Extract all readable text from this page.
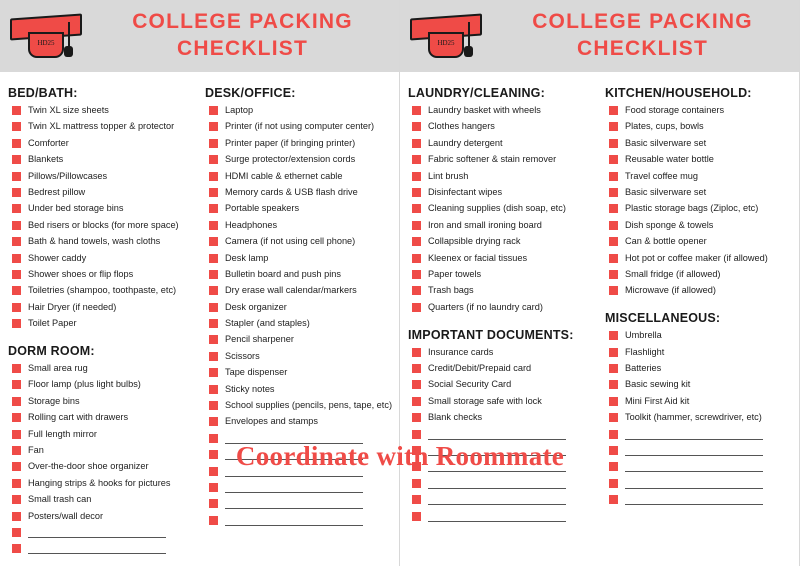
HD25
COLLEGE PACKING CHECKLIST
BED/BATH:
Twin XL size sheets
Twin XL mattress topper & protector
Comforter
Blankets
Pillows/Pillowcases
Bedrest pillow
Under bed storage bins
Bed risers or blocks (for more space)
Bath & hand towels, wash cloths
Shower caddy
Shower shoes or flip flops
Toiletries (shampoo, toothpaste, etc)
Hair Dryer (if needed)
Toilet Paper
DORM ROOM:
Small area rug
Floor lamp (plus light bulbs)
Storage bins
Rolling cart with drawers
Full length mirror
Fan
Over-the-door shoe organizer
Hanging strips & hooks for pictures
Small trash can
Posters/wall decor
DESK/OFFICE:
Laptop
Printer (if not using computer center)
Printer paper (if bringing printer)
Surge protector/extension cords
HDMI cable & ethernet cable
Memory cards & USB flash drive
Portable speakers
Headphones
Camera (if not using cell phone)
Desk lamp
Bulletin board and push pins
Dry erase wall calendar/markers
Desk organizer
Stapler (and staples)
Pencil sharpener
Scissors
Tape dispenser
Sticky notes
School supplies (pencils, pens, tape, etc)
Envelopes and stamps
HD25
COLLEGE PACKING CHECKLIST
LAUNDRY/CLEANING:
Laundry basket with wheels
Clothes hangers
Laundry detergent
Fabric softener & stain remover
Lint brush
Disinfectant wipes
Cleaning supplies (dish soap, etc)
Iron and small ironing board
Collapsible drying rack
Kleenex or facial tissues
Paper towels
Trash bags
Quarters (if no laundry card)
IMPORTANT DOCUMENTS:
Insurance cards
Credit/Debit/Prepaid card
Social Security Card
Small storage safe with lock
Blank checks
KITCHEN/HOUSEHOLD:
Food storage containers
Plates, cups, bowls
Basic silverware set
Reusable water bottle
Travel coffee mug
Basic silverware set
Plastic storage bags (Ziploc, etc)
Dish sponge & towels
Can & bottle opener
Hot pot or coffee maker (if allowed)
Small fridge (if allowed)
Microwave (if allowed)
MISCELLANEOUS:
Umbrella
Flashlight
Batteries
Basic sewing kit
Mini First Aid kit
Toolkit (hammer, screwdriver, etc)
Coordinate with Roommate
